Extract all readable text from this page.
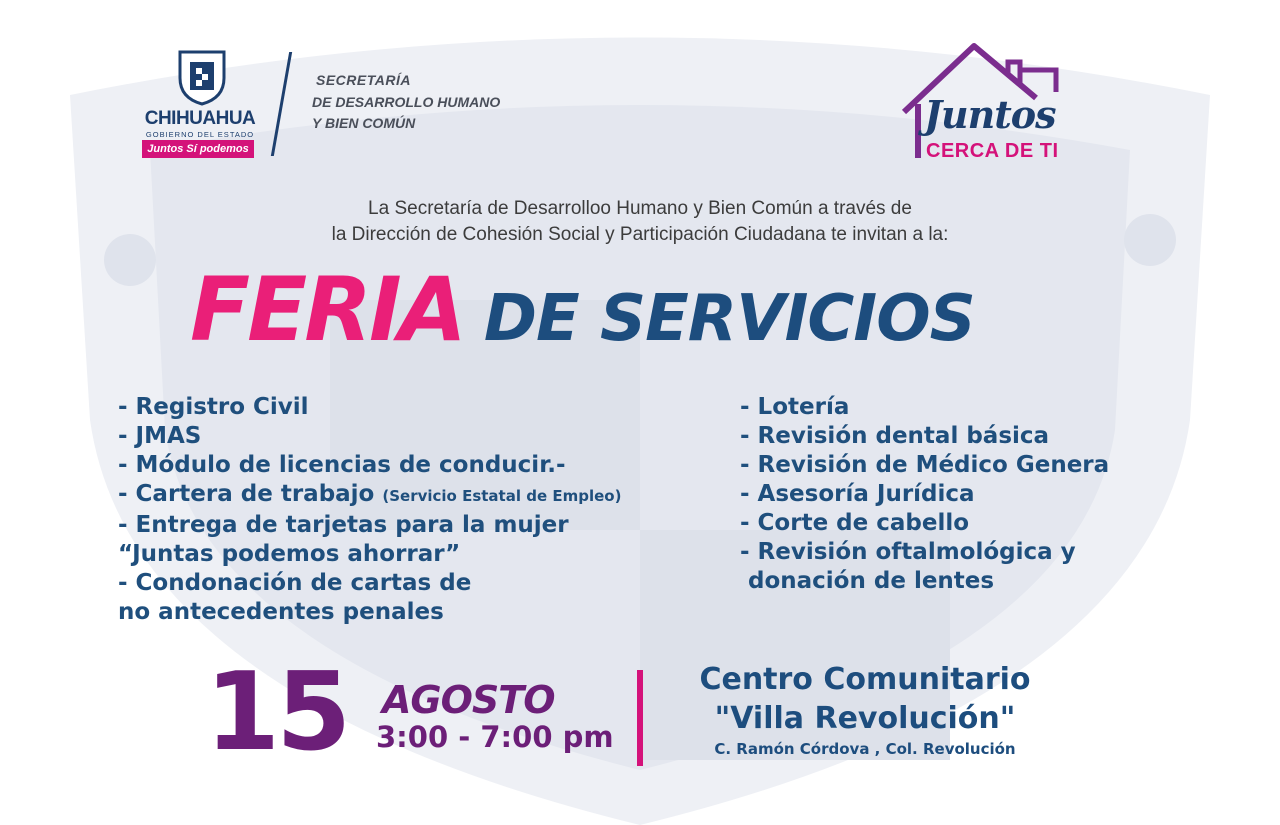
CHIHUAHUA
GOBIERNO DEL ESTADO
Juntos Sí podemos
SECRETARÍA
DE DESARROLLO HUMANO
Y BIEN COMÚN	Juntos
CERCA DE TI
La Secretaría de Desarrolloo Humano y Bien Común a través de
la Dirección de Cohesión Social y Participación Ciudadana te invitan a la:
FERIA DE SERVICIOS
- Registro Civil
- JMAS
- Módulo de licencias de conducir.-
- Cartera de trabajo (Servicio Estatal de Empleo)
- Entrega de tarjetas para la mujer
“Juntas podemos ahorrar”
- Condonación de cartas de
no antecedentes penales
- Lotería
- Revisión dental básica
- Revisión de Médico Genera
- Asesoría Jurídica
- Corte de cabello
- Revisión oftalmológica y
donación de lentes
15 AGOSTO
3:00 - 7:00 pm
Centro Comunitario
"Villa Revolución"
C. Ramón Córdova , Col. Revolución
